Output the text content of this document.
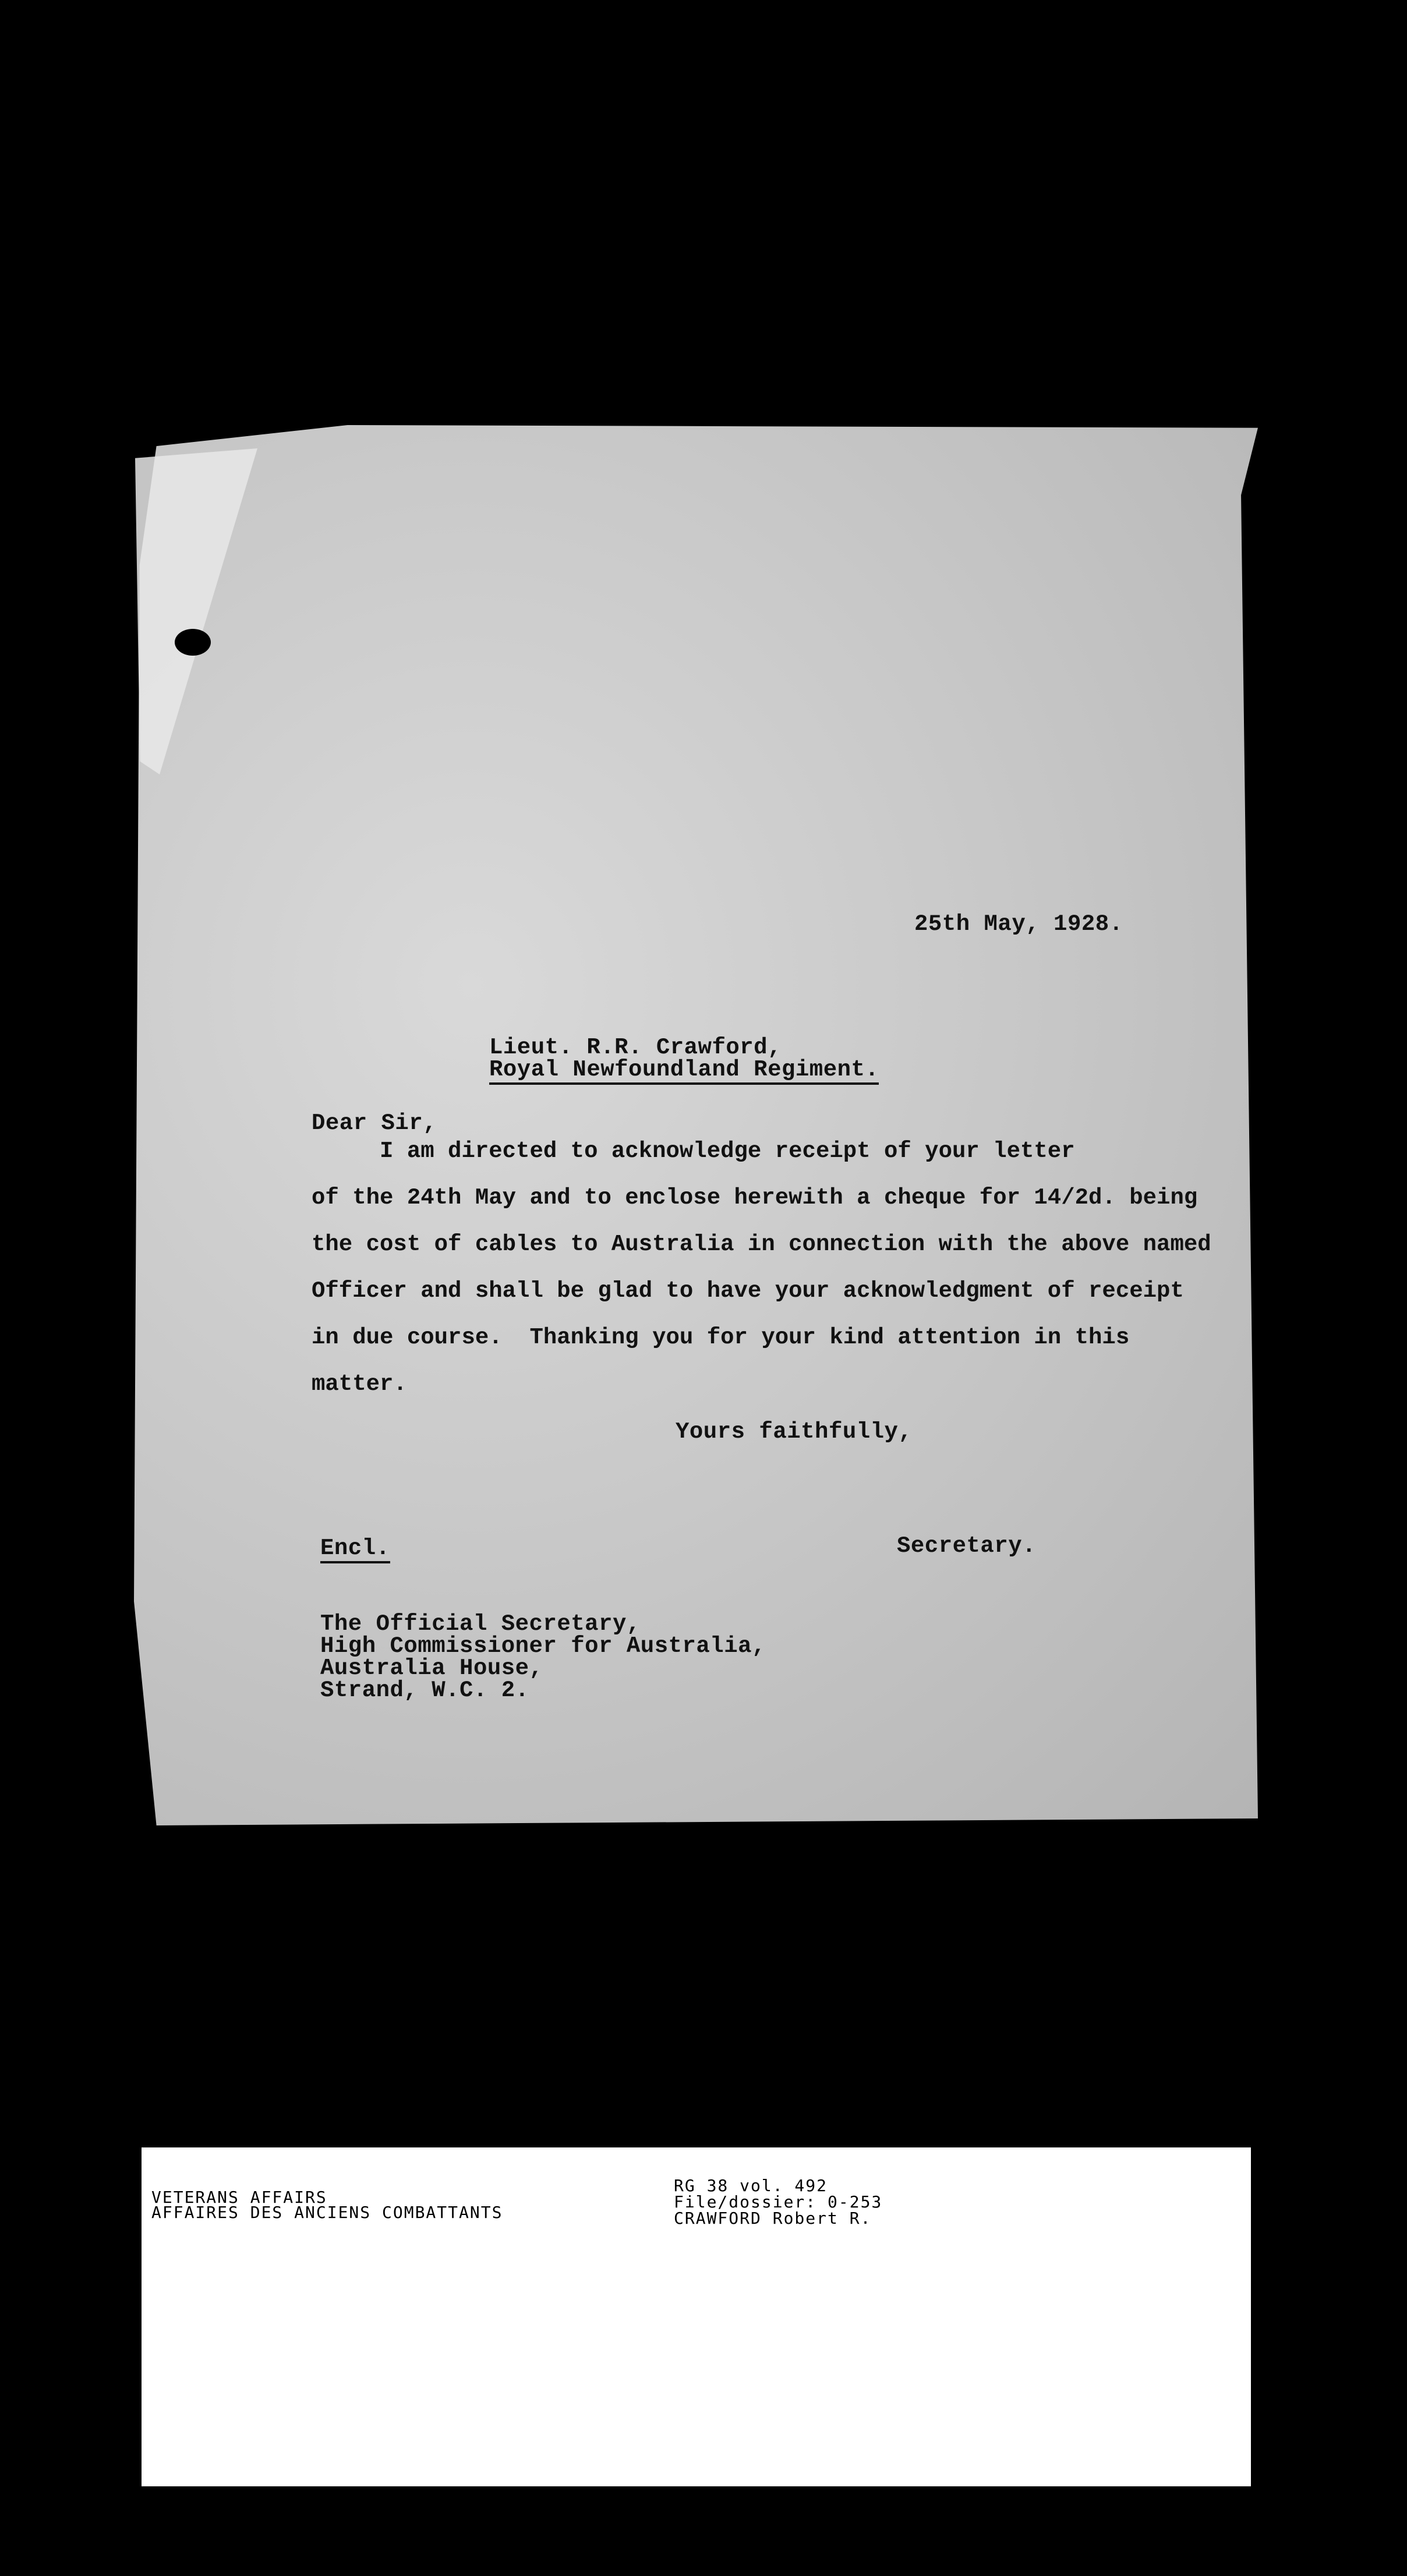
25th May, 1928.
Lieut. R.R. Crawford,
Royal Newfoundland Regiment.
Dear Sir,
I am directed to acknowledge receipt of your letter
of the 24th May and to enclose herewith a cheque for 14/2d. being
the cost of cables to Australia in connection with the above named
Officer and shall be glad to have your acknowledgment of receipt
in due course.  Thanking you for your kind attention in this
matter.
Yours faithfully,
Encl.	Secretary.
The Official Secretary,
High Commissioner for Australia,
Australia House,
Strand, W.C. 2.
VETERANS AFFAIRS
AFFAIRES DES ANCIENS COMBATTANTS
RG 38 vol. 492
File/dossier: 0-253
CRAWFORD Robert R.
